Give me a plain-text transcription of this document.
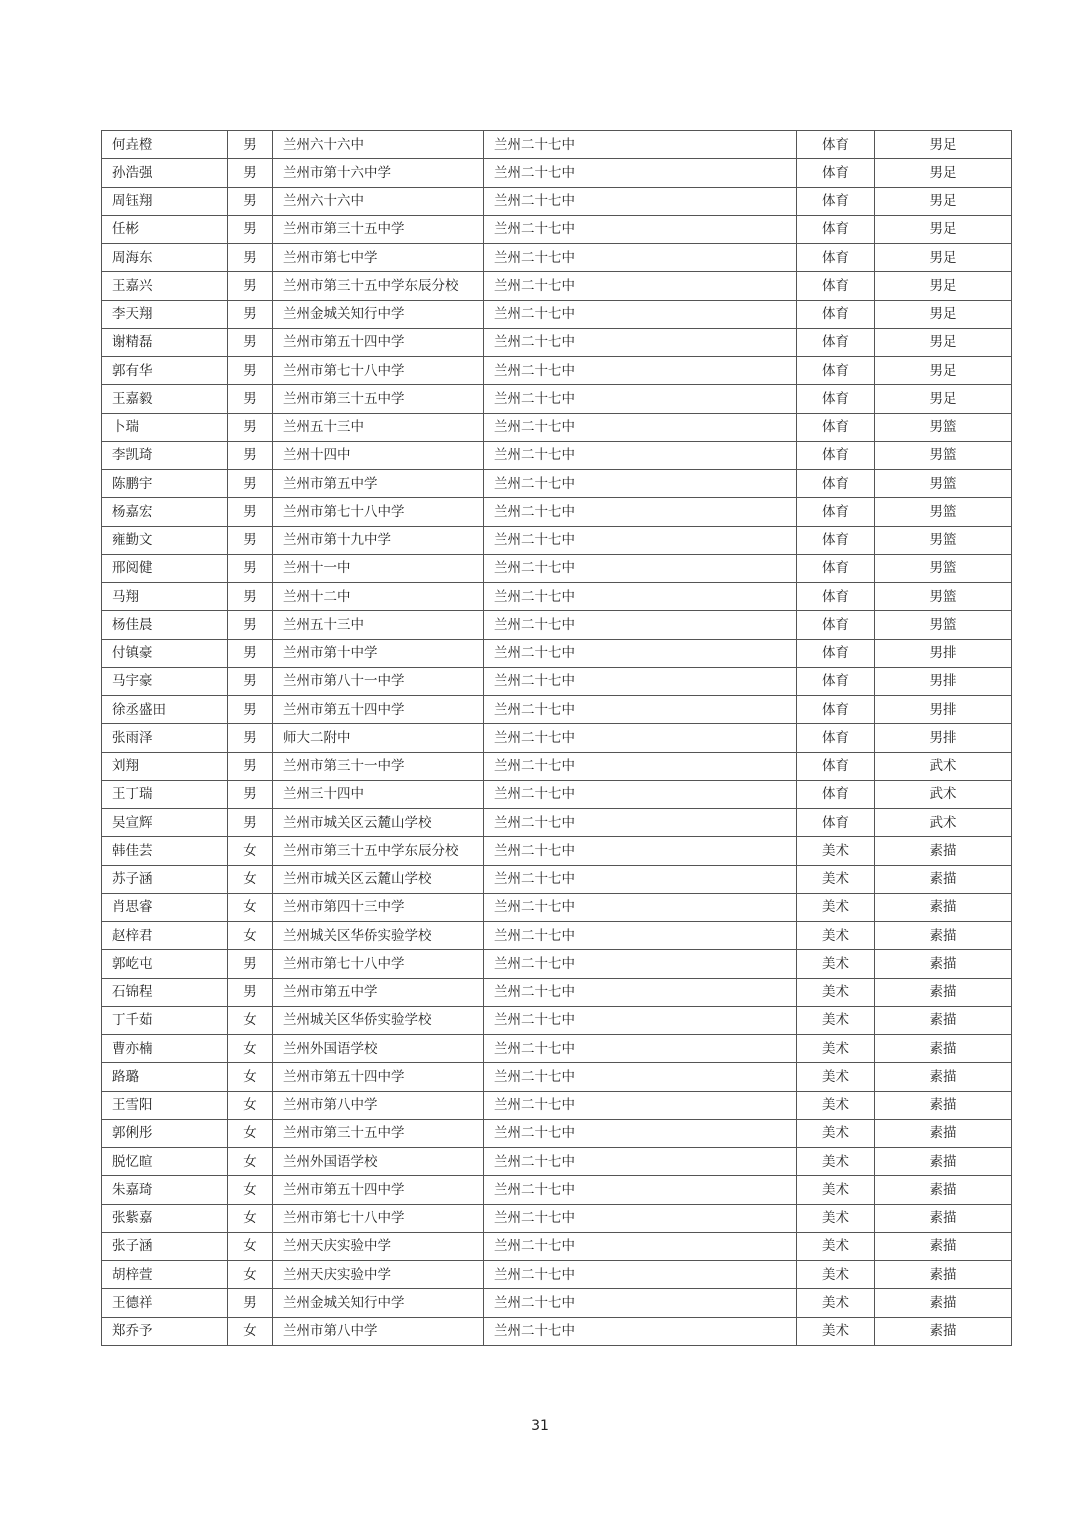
何垚橙	男	兰州六十六中	兰州二十七中	体育	男足
孙浩强	男	兰州市第十六中学	兰州二十七中	体育	男足
周钰翔	男	兰州六十六中	兰州二十七中	体育	男足
任彬	男	兰州市第三十五中学	兰州二十七中	体育	男足
周海东	男	兰州市第七中学	兰州二十七中	体育	男足
王嘉兴	男	兰州市第三十五中学东辰分校	兰州二十七中	体育	男足
李天翔	男	兰州金城关知行中学	兰州二十七中	体育	男足
谢精磊	男	兰州市第五十四中学	兰州二十七中	体育	男足
郭有华	男	兰州市第七十八中学	兰州二十七中	体育	男足
王嘉毅	男	兰州市第三十五中学	兰州二十七中	体育	男足
卜瑞	男	兰州五十三中	兰州二十七中	体育	男篮
李凯琦	男	兰州十四中	兰州二十七中	体育	男篮
陈鹏宇	男	兰州市第五中学	兰州二十七中	体育	男篮
杨嘉宏	男	兰州市第七十八中学	兰州二十七中	体育	男篮
雍勤文	男	兰州市第十九中学	兰州二十七中	体育	男篮
邢阅健	男	兰州十一中	兰州二十七中	体育	男篮
马翔	男	兰州十二中	兰州二十七中	体育	男篮
杨佳晨	男	兰州五十三中	兰州二十七中	体育	男篮
付镇豪	男	兰州市第十中学	兰州二十七中	体育	男排
马宇豪	男	兰州市第八十一中学	兰州二十七中	体育	男排
徐丞盛田	男	兰州市第五十四中学	兰州二十七中	体育	男排
张雨泽	男	师大二附中	兰州二十七中	体育	男排
刘翔	男	兰州市第三十一中学	兰州二十七中	体育	武术
王丁瑞	男	兰州三十四中	兰州二十七中	体育	武术
吴宣辉	男	兰州市城关区云麓山学校	兰州二十七中	体育	武术
韩佳芸	女	兰州市第三十五中学东辰分校	兰州二十七中	美术	素描
苏子涵	女	兰州市城关区云麓山学校	兰州二十七中	美术	素描
肖思睿	女	兰州市第四十三中学	兰州二十七中	美术	素描
赵梓君	女	兰州城关区华侨实验学校	兰州二十七中	美术	素描
郭屹屯	男	兰州市第七十八中学	兰州二十七中	美术	素描
石锦程	男	兰州市第五中学	兰州二十七中	美术	素描
丁千茹	女	兰州城关区华侨实验学校	兰州二十七中	美术	素描
曹亦楠	女	兰州外国语学校	兰州二十七中	美术	素描
路璐	女	兰州市第五十四中学	兰州二十七中	美术	素描
王雪阳	女	兰州市第八中学	兰州二十七中	美术	素描
郭俐彤	女	兰州市第三十五中学	兰州二十七中	美术	素描
脱忆暄	女	兰州外国语学校	兰州二十七中	美术	素描
朱嘉琦	女	兰州市第五十四中学	兰州二十七中	美术	素描
张紫嘉	女	兰州市第七十八中学	兰州二十七中	美术	素描
张子涵	女	兰州天庆实验中学	兰州二十七中	美术	素描
胡梓萱	女	兰州天庆实验中学	兰州二十七中	美术	素描
王德祥	男	兰州金城关知行中学	兰州二十七中	美术	素描
郑乔予	女	兰州市第八中学	兰州二十七中	美术	素描
31
